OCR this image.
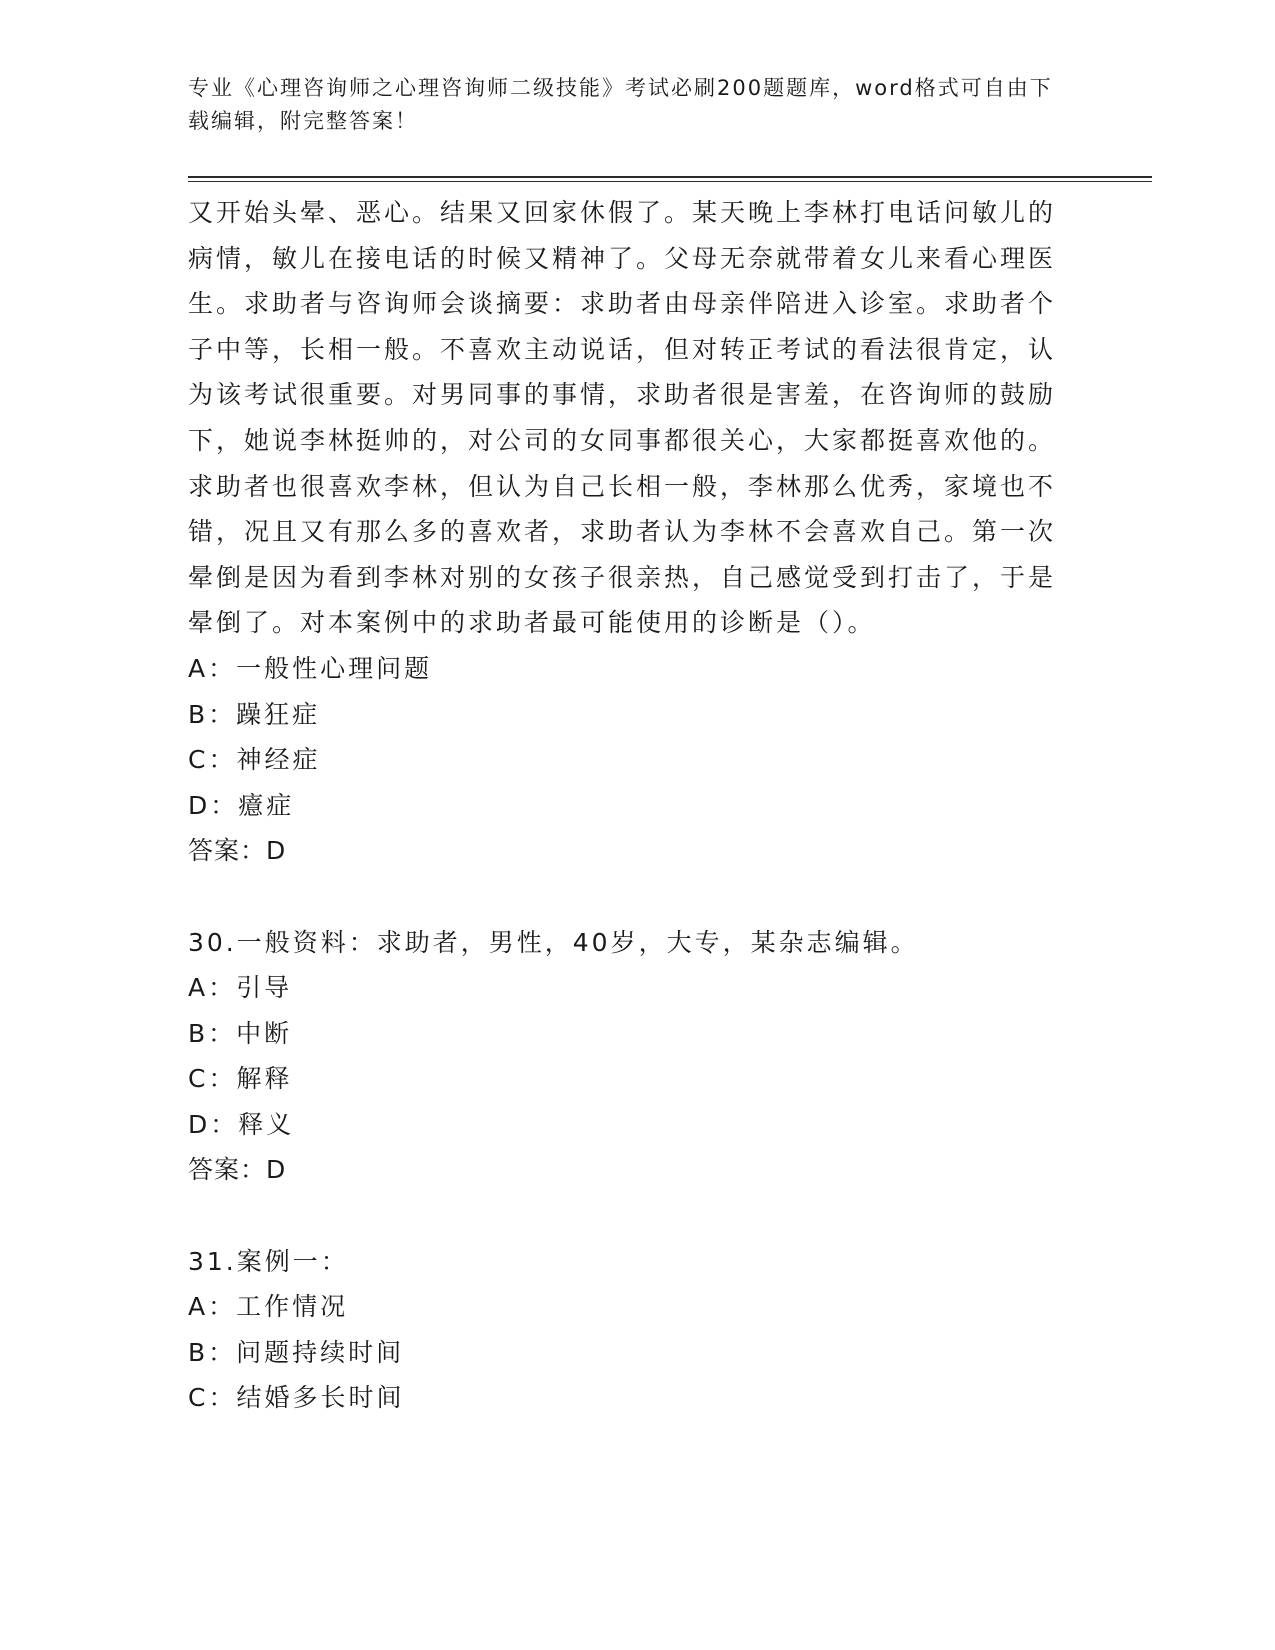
专业《心理咨询师之心理咨询师二级技能》考试必刷200题题库，word格式可自由下载编辑，附完整答案！

又开始头晕、恶心。结果又回家休假了。某天晚上李林打电话问敏儿的病情，敏儿在接电话的时候又精神了。父母无奈就带着女儿来看心理医生。求助者与咨询师会谈摘要：求助者由母亲伴陪进入诊室。求助者个子中等，长相一般。不喜欢主动说话，但对转正考试的看法很肯定，认为该考试很重要。对男同事的事情，求助者很是害羞，在咨询师的鼓励下，她说李林挺帅的，对公司的女同事都很关心，大家都挺喜欢他的。求助者也很喜欢李林，但认为自己长相一般，李林那么优秀，家境也不错，况且又有那么多的喜欢者，求助者认为李林不会喜欢自己。第一次晕倒是因为看到李林对别的女孩子很亲热，自己感觉受到打击了，于是晕倒了。对本案例中的求助者最可能使用的诊断是（）。

A：一般性心理问题

B：躁狂症

C：神经症

D：癔症

答案：D

30.一般资料：求助者，男性，40岁，大专，某杂志编辑。

A：引导

B：中断

C：解释

D：释义

答案：D

31.案例一：

A：工作情况

B：问题持续时间

C：结婚多长时间
